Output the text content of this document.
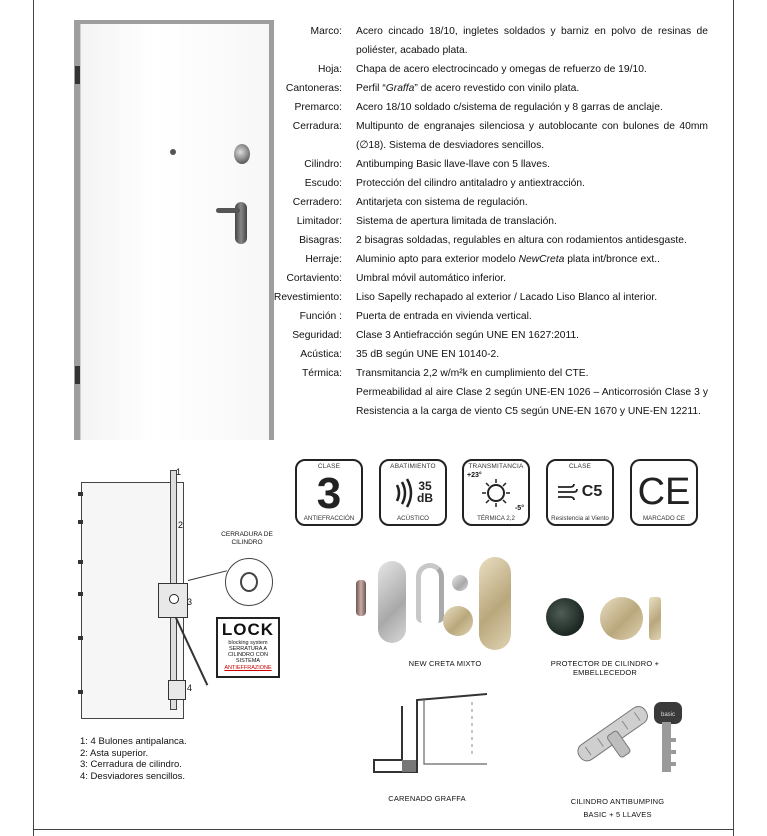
Marco: Acero cincado 18/10, ingletes soldados y barniz en polvo de resinas de poliéster, acabado plata.
Hoja: Chapa de acero electrocincado y omegas de refuerzo de 19/10.
Cantoneras: Perfil “Graffa” de acero revestido con vinilo plata.
Premarco: Acero 18/10 soldado c/sistema de regulación y 8 garras de anclaje.
Cerradura: Multipunto de engranajes silenciosa y autoblocante con bulones de 40mm (∅18). Sistema de desviadores sencillos.
Cilindro: Antibumping Basic llave-llave con 5 llaves.
Escudo: Protección del cilindro antitaladro y antiextracción.
Cerradero: Antitarjeta con sistema de regulación.
Limitador: Sistema de apertura limitada de translación.
Bisagras: 2 bisagras soldadas, regulables en altura con rodamientos antidesgaste.
Herraje: Aluminio apto para exterior modelo NewCreta plata int/bronce ext..
Cortaviento: Umbral móvil automático inferior.
Revestimiento: Liso Sapelly rechapado al exterior / Lacado Liso Blanco al interior.
Función : Puerta de entrada en vivienda vertical.
Seguridad: Clase 3 Antiefracción según UNE EN 1627:2011.
Acústica: 35 dB según UNE EN 10140-2.
Térmica: Transmitancia 2,2 w/m²k en cumplimiento del CTE.
Permeabilidad al aire Clase 2 según UNE-EN 1026 – Anticorrosión Clase 3 y Resistencia a la carga de viento C5 según UNE-EN 1670 y UNE-EN 12211.
CLASE
3
ANTIEFRACCIÓN
ABATIMIENTO
35 dB
ACÚSTICO
TRANSMITANCIA
+23°
-5°
TÉRMICA 2,2
CLASE
C5
Resistencia al Viento
CE
MARCADO CE
1
2
3
4
CERRADURA DE CILINDRO
LOCK
blocking system
SERRATURA A CILINDRO CON SISTEMA
ANTIEFFRAZIONE
1: 4 Bulones antipalanca.
2: Asta superior.
3: Cerradura de cilindro.
4: Desviadores sencillos.
NEW CRETA MIXTO	PROTECTOR DE CILINDRO +
EMBELLECEDOR
CARENADO GRAFFA
basic
CILINDRO ANTIBUMPING
BASIC + 5 LLAVES
